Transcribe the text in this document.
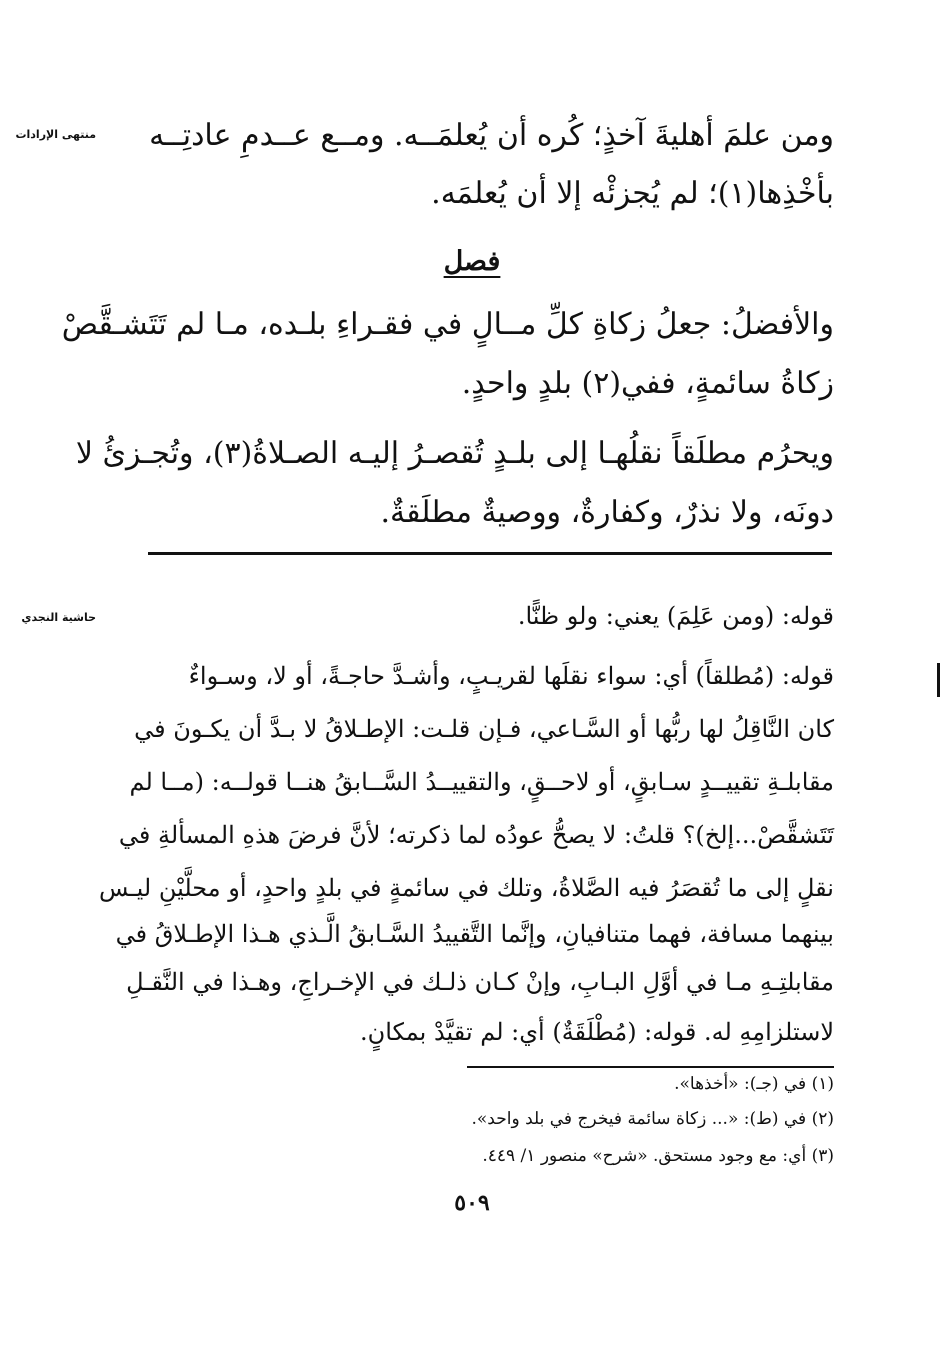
منتهى الإرادات
حاشية النجدي
ومن علمَ أهليةَ آخذٍ؛ كُره أن يُعلمَــه. ومــع عــدمِ عادتِــه
بأخْذِها(١)؛ لم يُجزئْه إلا أن يُعلمَه.
فصل
والأفضلُ: جعلُ زكاةِ كلِّ مــالٍ في فقـراءِ بلـده، مـا لم تَتَشـقَّصْ
زكاةُ سائمةٍ، ففي(٢) بلدٍ واحدٍ.
ويحرُم مطلَقاً نقلُهـا إلى بلـدٍ تُقصـرُ إليـه الصـلاةُ(٣)، وتُجـزئُ لا
دونَه، ولا نذرٌ، وكفارةٌ، ووصيةٌ مطلَقةٌ.
قوله: (ومن عَلِمَ) يعني: ولو ظنًّا.
قوله: (مُطلقاً) أي: سواء نقلَها لقريـبٍ، وأشـدَّ حاجـةً، أو لا، وسـواءٌ
كان النَّاقِلُ لها ربُّها أو السَّـاعي، فـإن قلـت: الإطـلاقُ لا بـدَّ أن يكـونَ في
مقابلـةِ تقييــدٍ سـابقٍ، أو لاحــقٍ، والتقييــدُ السَّــابقُ هنــا قولــه: (مــا لم
تَتَشقَّصْ...إلخ)؟ قلتُ: لا يصحُّ عودُه لما ذكرته؛ لأنَّ فرضَ هذهِ المسألةِ في
نقلٍ إلى ما تُقصَرُ فيه الصَّلاةُ، وتلك في سائمةٍ في بلدٍ واحدٍ، أو محلَّيْنِ ليـس
بينهما مسافة، فهما متنافيانِ، وإنَّما التَّقييدُ السَّـابقُ الَّـذي هـذا الإطـلاقُ في
مقابلتِـهِ مـا في أوَّلِ البـابِ، وإنْ كـان ذلـك في الإخـراجِ، وهـذا في النَّقـلِ
لاستلزامِهِ له. قوله: (مُطْلَقَةٌ) أي: لم تقيَّدْ بمكانٍ.
(١) في (جـ): «أخذها».
(٢) في (ط): «... زكاة سائمة فيخرج في بلد واحد».
(٣) أي: مع وجود مستحق. «شرح» منصور ١/ ٤٤٩.
٥٠٩
